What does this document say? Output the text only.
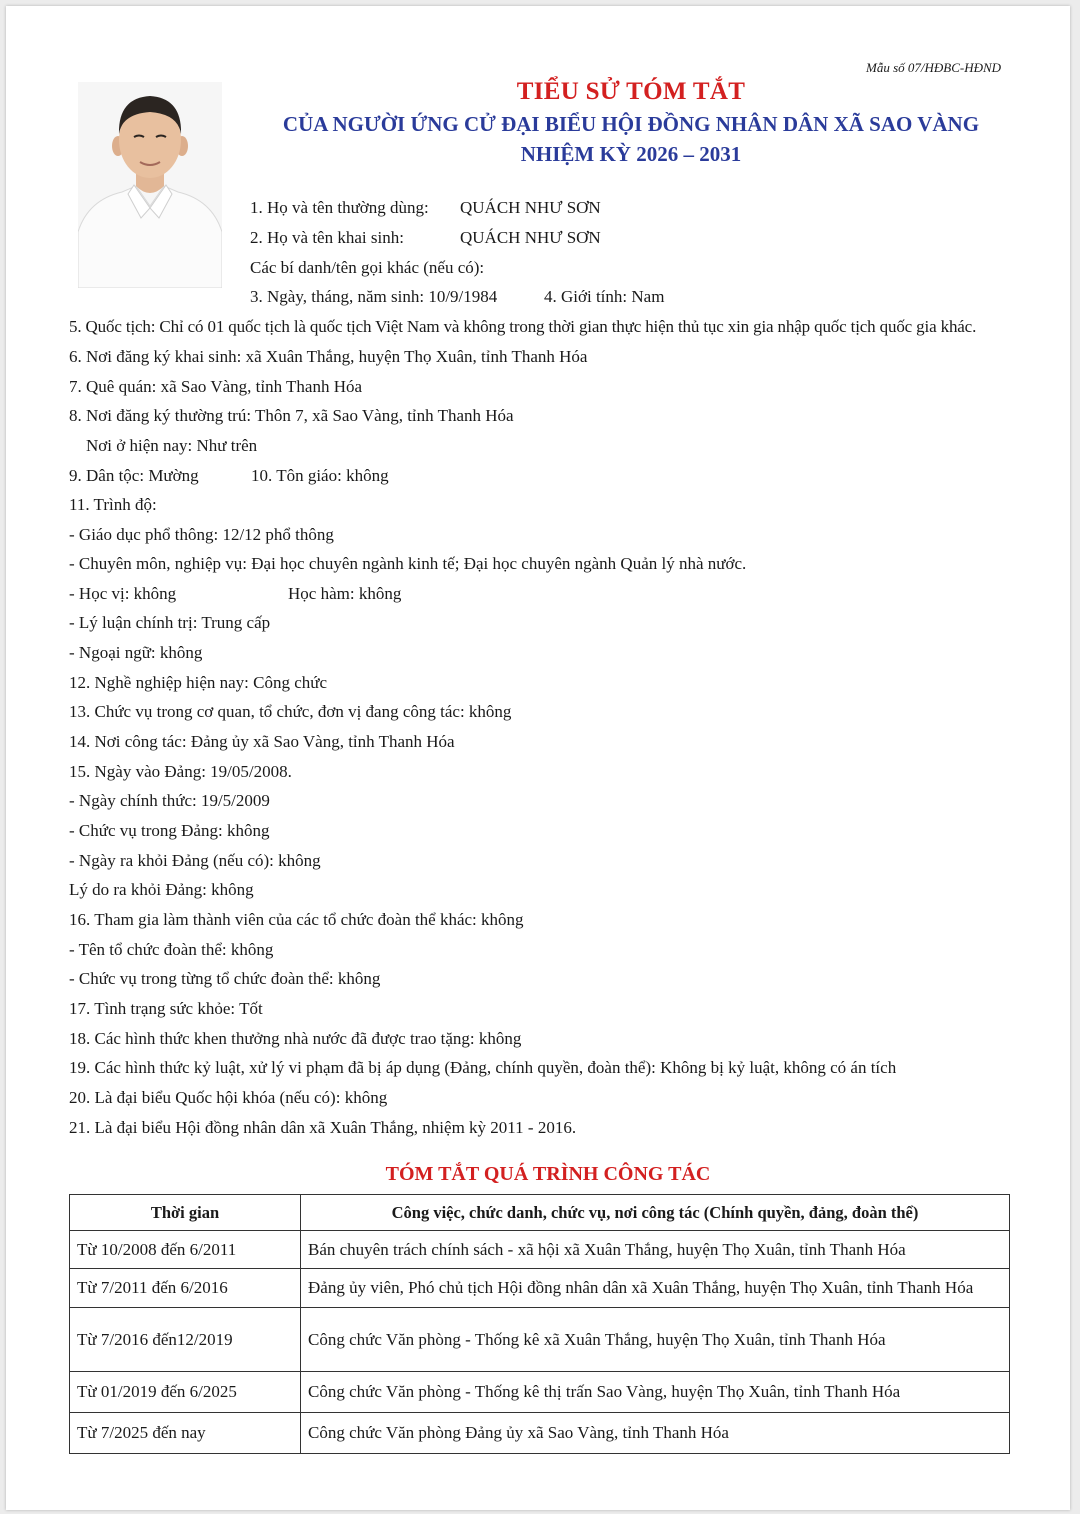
Mẫu số 07/HĐBC-HĐND
TIỂU SỬ TÓM TẮT
CỦA NGƯỜI ỨNG CỬ ĐẠI BIỂU HỘI ĐỒNG NHÂN DÂN XÃ SAO VÀNG
NHIỆM KỲ 2026 – 2031
1. Họ và tên thường dùng: QUÁCH NHƯ SƠN
2. Họ và tên khai sinh:	QUÁCH NHƯ SƠN
Các bí danh/tên gọi khác (nếu có):
3. Ngày, tháng, năm sinh: 10/9/1984	4. Giới tính: Nam
5. Quốc tịch: Chỉ có 01 quốc tịch là quốc tịch Việt Nam và không trong thời gian thực hiện thủ tục xin gia nhập quốc tịch quốc gia khác.
6. Nơi đăng ký khai sinh: xã Xuân Thắng, huyện Thọ Xuân, tỉnh Thanh Hóa
7. Quê quán: xã Sao Vàng, tỉnh Thanh Hóa
8. Nơi đăng ký thường trú: Thôn 7, xã Sao Vàng, tỉnh Thanh Hóa
Nơi ở hiện nay: Như trên
9. Dân tộc: Mường	10. Tôn giáo: không
11. Trình độ:
- Giáo dục phổ thông: 12/12 phổ thông
- Chuyên môn, nghiệp vụ: Đại học chuyên ngành kinh tế; Đại học chuyên ngành Quản lý nhà nước.
- Học vị: không	Học hàm: không
- Lý luận chính trị: Trung cấp
- Ngoại ngữ: không
12. Nghề nghiệp hiện nay: Công chức
13. Chức vụ trong cơ quan, tổ chức, đơn vị đang công tác: không
14. Nơi công tác: Đảng ủy xã Sao Vàng, tỉnh Thanh Hóa
15. Ngày vào Đảng: 19/05/2008.
- Ngày chính thức: 19/5/2009
- Chức vụ trong Đảng: không
- Ngày ra khỏi Đảng (nếu có): không
Lý do ra khỏi Đảng: không
16. Tham gia làm thành viên của các tổ chức đoàn thể khác: không
- Tên tổ chức đoàn thể: không
- Chức vụ trong từng tổ chức đoàn thể: không
17. Tình trạng sức khỏe: Tốt
18. Các hình thức khen thưởng nhà nước đã được trao tặng: không
19. Các hình thức kỷ luật, xử lý vi phạm đã bị áp dụng (Đảng, chính quyền, đoàn thể): Không bị kỷ luật, không có án tích
20. Là đại biểu Quốc hội khóa (nếu có): không
21. Là đại biểu Hội đồng nhân dân xã Xuân Thắng, nhiệm kỳ 2011 - 2016.
TÓM TẮT QUÁ TRÌNH CÔNG TÁC
Thời gian	Công việc, chức danh, chức vụ, nơi công tác (Chính quyền, đảng, đoàn thể)
Từ 10/2008 đến 6/2011	Bán chuyên trách chính sách - xã hội xã Xuân Thắng, huyện Thọ Xuân, tỉnh Thanh Hóa
Từ 7/2011 đến 6/2016	Đảng ủy viên, Phó chủ tịch Hội đồng nhân dân xã Xuân Thắng, huyện Thọ Xuân, tỉnh Thanh Hóa
Từ 7/2016 đến12/2019	Công chức Văn phòng - Thống kê xã Xuân Thắng, huyện Thọ Xuân, tỉnh Thanh Hóa
Từ 01/2019 đến 6/2025	Công chức Văn phòng - Thống kê thị trấn Sao Vàng, huyện Thọ Xuân, tỉnh Thanh Hóa
Từ 7/2025 đến nay	Công chức Văn phòng Đảng ủy xã Sao Vàng, tỉnh Thanh Hóa
